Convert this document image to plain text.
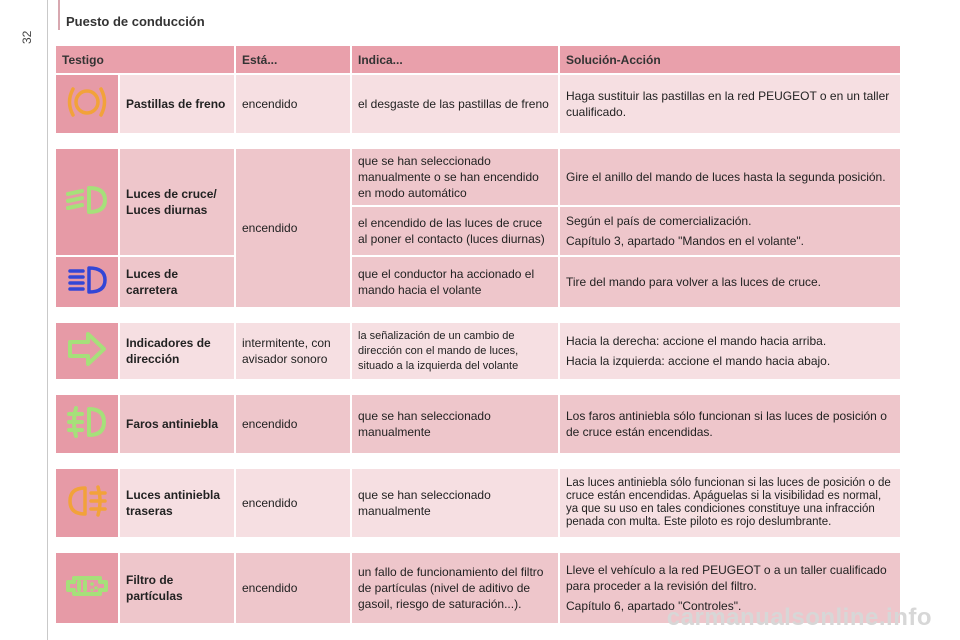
32
Puesto de conducción
Testigo		Está...	Indica...	Solución-Acción
	Pastillas de freno	encendido	el desgaste de las pastillas de freno	Haga sustituir las pastillas en la red PEUGEOT o en un taller cualificado.

	Luces de cruce/ Luces diurnas	encendido	que se han seleccionado manualmente o se han encendido en modo automático	Gire el anillo del mando de luces hasta la segunda posición.

			el encendido de las luces de cruce al poner el contacto (luces diurnas)	Según el país de comercialización.

Capítulo 3, apartado "Mandos en el volante".

	Luces de carretera		que el conductor ha accionado el mando hacia el volante	Tire del mando para volver a las luces de cruce.

	Indicadores de dirección	intermitente, con avisador sonoro	la señalización de un cambio de dirección con el mando de luces, situado a la izquierda del volante	Hacia la derecha: accione el mando hacia arriba.

Hacia la izquierda: accione el mando hacia abajo.

	Faros antiniebla	encendido	que se han seleccionado manualmente	Los faros antiniebla sólo funcionan si las luces de posición o de cruce están encendidas.

	Luces antiniebla traseras	encendido	que se han seleccionado manualmente	Las luces antiniebla sólo funcionan si las luces de posición o de cruce están encendidas. Apáguelas si la visibilidad es normal, ya que su uso en tales condiciones constituye una infracción penada con multa. Este piloto es rojo deslumbrante.

	Filtro de partículas	encendido	un fallo de funcionamiento del filtro de partículas (nivel de aditivo de gasoil, riesgo de saturación...).	Lleve el vehículo a la red PEUGEOT o a un taller cualificado para proceder a la revisión del filtro.

Capítulo 6, apartado "Controles".

carmanualsonline.info
